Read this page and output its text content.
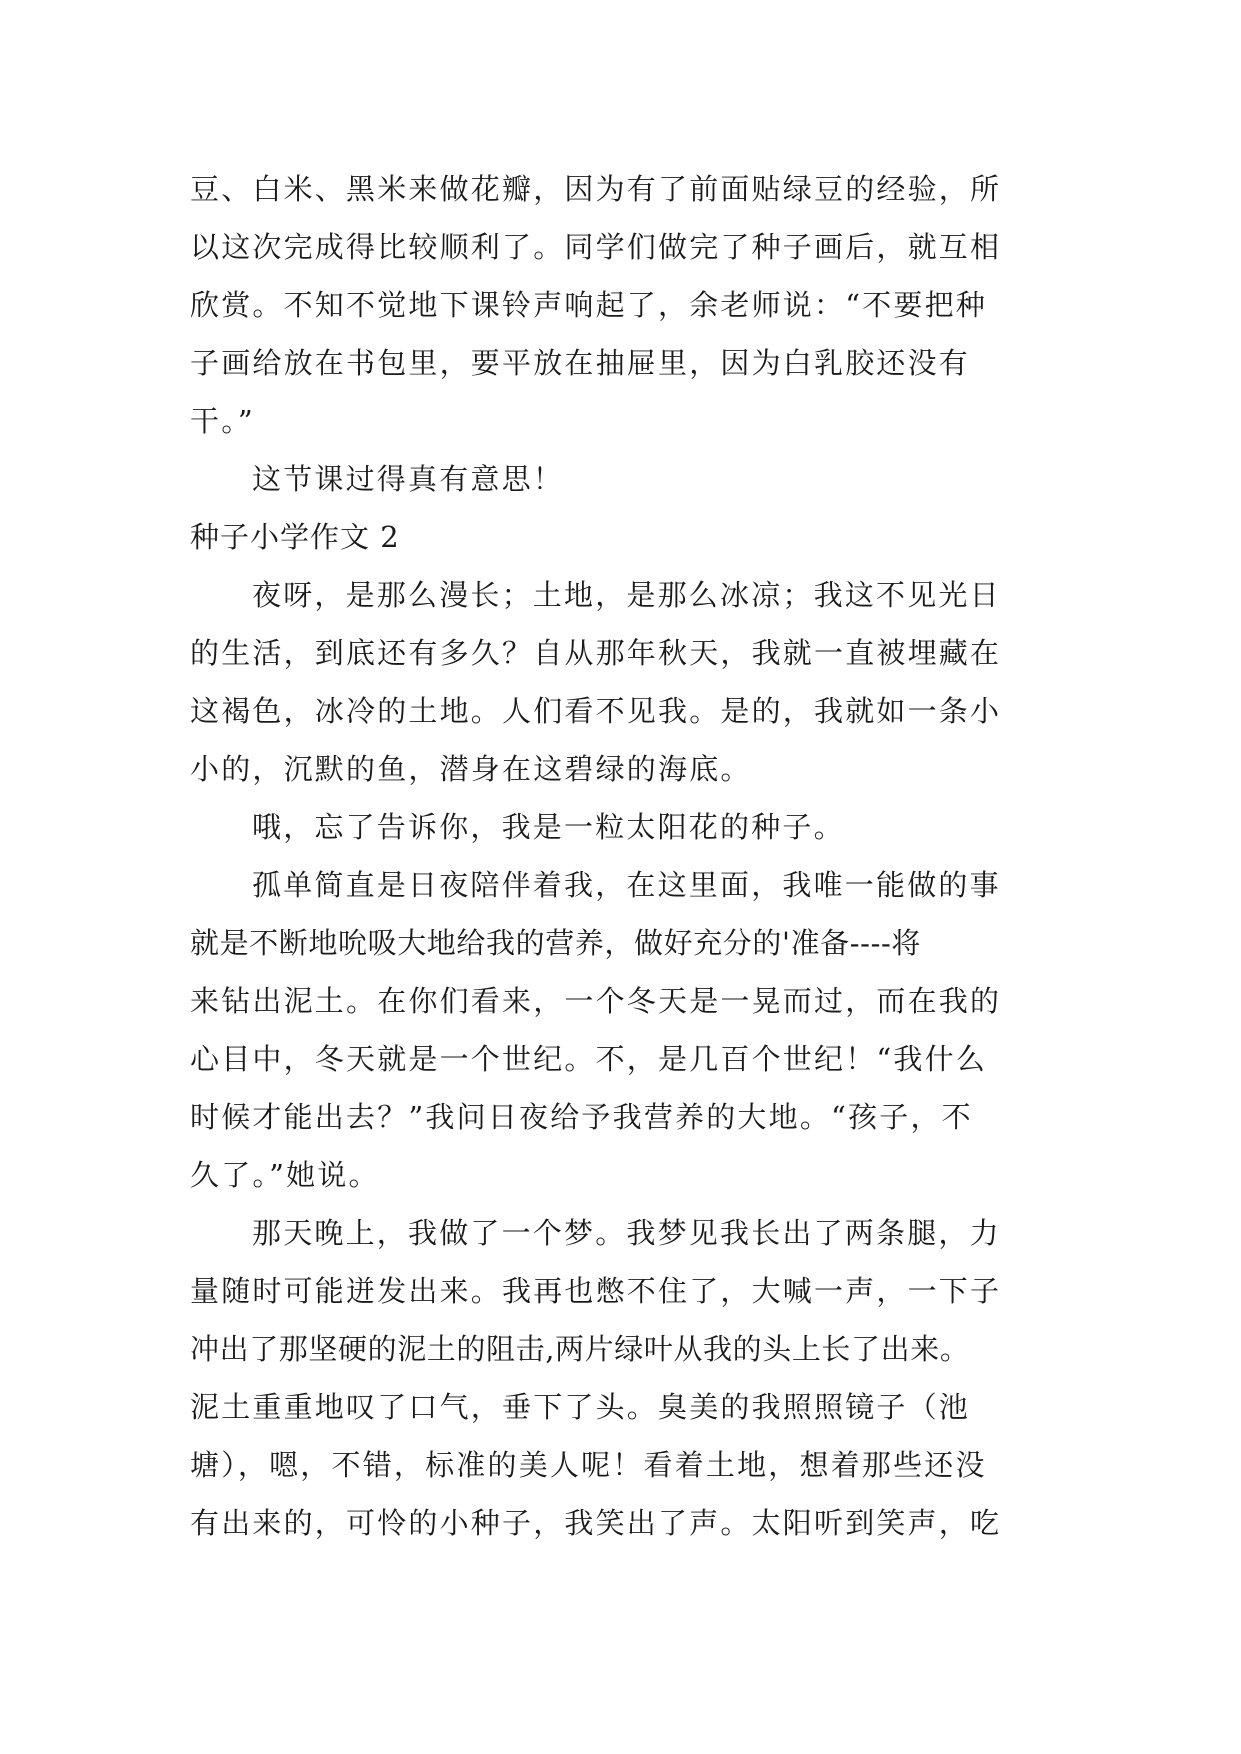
豆、白米、黑米来做花瓣，因为有了前面贴绿豆的经验，所
以这次完成得比较顺利了。同学们做完了种子画后，就互相
欣赏。不知不觉地下课铃声响起了，余老师说：“不要把种
子画给放在书包里，要平放在抽屉里，因为白乳胶还没有
干。”
这节课过得真有意思！
种子小学作文 2
夜呀，是那么漫长；土地，是那么冰凉；我这不见光日
的生活，到底还有多久？自从那年秋天，我就一直被埋藏在
这褐色，冰冷的土地。人们看不见我。是的，我就如一条小
小的，沉默的鱼，潜身在这碧绿的海底。
哦，忘了告诉你，我是一粒太阳花的种子。
孤单简直是日夜陪伴着我，在这里面，我唯一能做的事
就是不断地吮吸大地给我的营养，做好充分的'准备----将
来钻出泥土。在你们看来，一个冬天是一晃而过，而在我的
心目中，冬天就是一个世纪。不，是几百个世纪！“我什么
时候才能出去？”我问日夜给予我营养的大地。“孩子，不
久了。”她说。
那天晚上，我做了一个梦。我梦见我长出了两条腿，力
量随时可能迸发出来。我再也憋不住了，大喊一声，一下子
冲出了那坚硬的泥土的阻击,两片绿叶从我的头上长了出来。
泥土重重地叹了口气，垂下了头。臭美的我照照镜子（池
塘），嗯，不错，标准的美人呢！看着土地，想着那些还没
有出来的，可怜的小种子，我笑出了声。太阳听到笑声，吃
